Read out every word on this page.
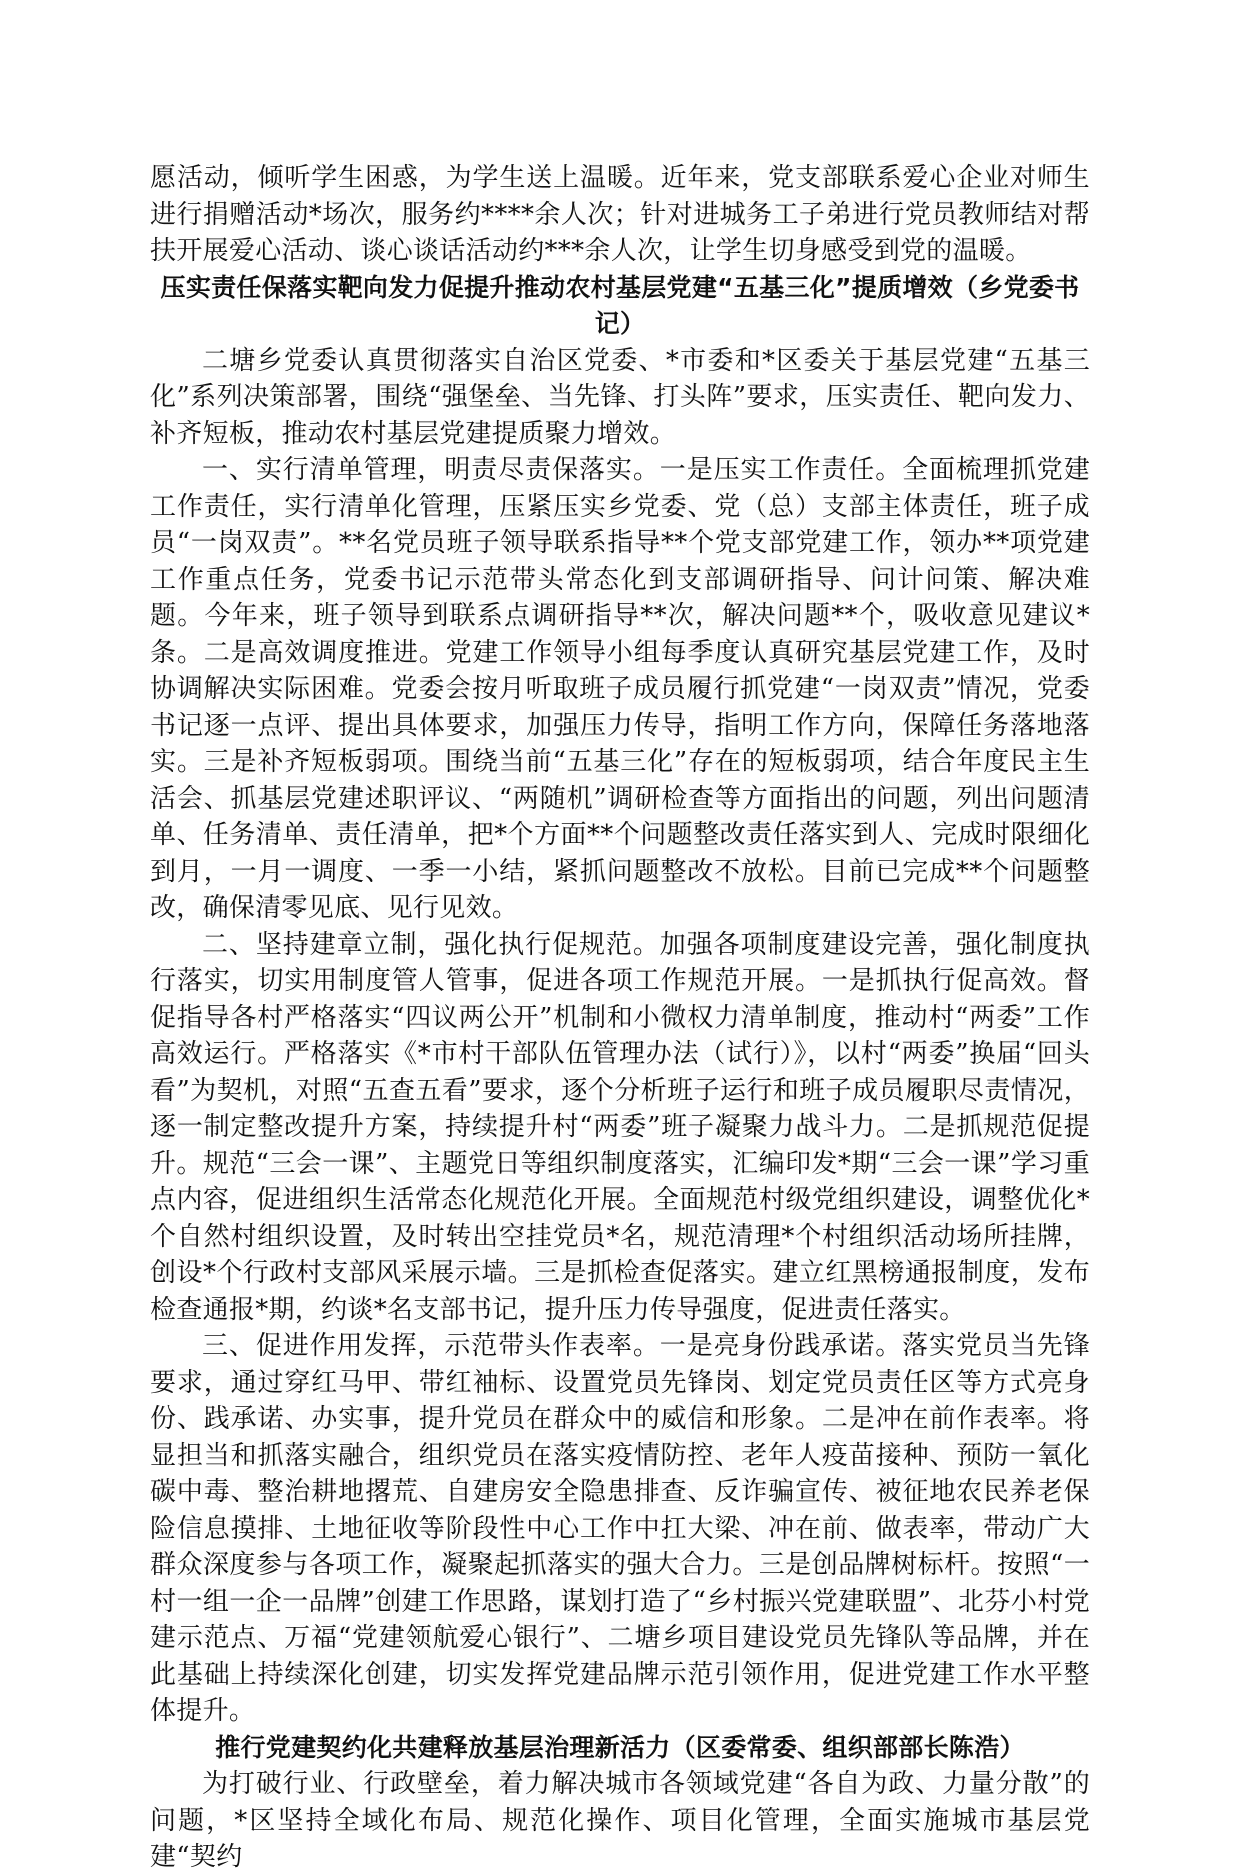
愿活动，倾听学生困惑，为学生送上温暖。近年来，党支部联系爱心企业对师生进行捐赠活动*场次，服务约****余人次；针对进城务工子弟进行党员教师结对帮扶开展爱心活动、谈心谈话活动约***余人次，让学生切身感受到党的温暖。

压实责任保落实靶向发力促提升推动农村基层党建“五基三化”提质增效（乡党委书记）

二塘乡党委认真贯彻落实自治区党委、*市委和*区委关于基层党建“五基三化”系列决策部署，围绕“强堡垒、当先锋、打头阵”要求，压实责任、靶向发力、补齐短板，推动农村基层党建提质聚力增效。

一、实行清单管理，明责尽责保落实。一是压实工作责任。全面梳理抓党建工作责任，实行清单化管理，压紧压实乡党委、党（总）支部主体责任，班子成员“一岗双责”。**名党员班子领导联系指导**个党支部党建工作，领办**项党建工作重点任务，党委书记示范带头常态化到支部调研指导、问计问策、解决难题。今年来，班子领导到联系点调研指导**次，解决问题**个，吸收意见建议*条。二是高效调度推进。党建工作领导小组每季度认真研究基层党建工作，及时协调解决实际困难。党委会按月听取班子成员履行抓党建“一岗双责”情况，党委书记逐一点评、提出具体要求，加强压力传导，指明工作方向，保障任务落地落实。三是补齐短板弱项。围绕当前“五基三化”存在的短板弱项，结合年度民主生活会、抓基层党建述职评议、“两随机”调研检查等方面指出的问题，列出问题清单、任务清单、责任清单，把*个方面**个问题整改责任落实到人、完成时限细化到月，一月一调度、一季一小结，紧抓问题整改不放松。目前已完成**个问题整改，确保清零见底、见行见效。

二、坚持建章立制，强化执行促规范。加强各项制度建设完善，强化制度执行落实，切实用制度管人管事，促进各项工作规范开展。一是抓执行促高效。督促指导各村严格落实“四议两公开”机制和小微权力清单制度，推动村“两委”工作高效运行。严格落实《*市村干部队伍管理办法（试行）》，以村“两委”换届“回头看”为契机，对照“五查五看”要求，逐个分析班子运行和班子成员履职尽责情况，逐一制定整改提升方案，持续提升村“两委”班子凝聚力战斗力。二是抓规范促提升。规范“三会一课”、主题党日等组织制度落实，汇编印发*期“三会一课”学习重点内容，促进组织生活常态化规范化开展。全面规范村级党组织建设，调整优化*个自然村组织设置，及时转出空挂党员*名，规范清理*个村组织活动场所挂牌，创设*个行政村支部风采展示墙。三是抓检查促落实。建立红黑榜通报制度，发布检查通报*期，约谈*名支部书记，提升压力传导强度，促进责任落实。

三、促进作用发挥，示范带头作表率。一是亮身份践承诺。落实党员当先锋要求，通过穿红马甲、带红袖标、设置党员先锋岗、划定党员责任区等方式亮身份、践承诺、办实事，提升党员在群众中的威信和形象。二是冲在前作表率。将显担当和抓落实融合，组织党员在落实疫情防控、老年人疫苗接种、预防一氧化碳中毒、整治耕地撂荒、自建房安全隐患排查、反诈骗宣传、被征地农民养老保险信息摸排、土地征收等阶段性中心工作中扛大梁、冲在前、做表率，带动广大群众深度参与各项工作，凝聚起抓落实的强大合力。三是创品牌树标杆。按照“一村一组一企一品牌”创建工作思路，谋划打造了“乡村振兴党建联盟”、北芬小村党建示范点、万福“党建领航爱心银行”、二塘乡项目建设党员先锋队等品牌，并在此基础上持续深化创建，切实发挥党建品牌示范引领作用，促进党建工作水平整体提升。

推行党建契约化共建释放基层治理新活力（区委常委、组织部部长陈浩）

为打破行业、行政壁垒，着力解决城市各领域党建“各自为政、力量分散”的问题，*区坚持全域化布局、规范化操作、项目化管理，全面实施城市基层党建“契约
